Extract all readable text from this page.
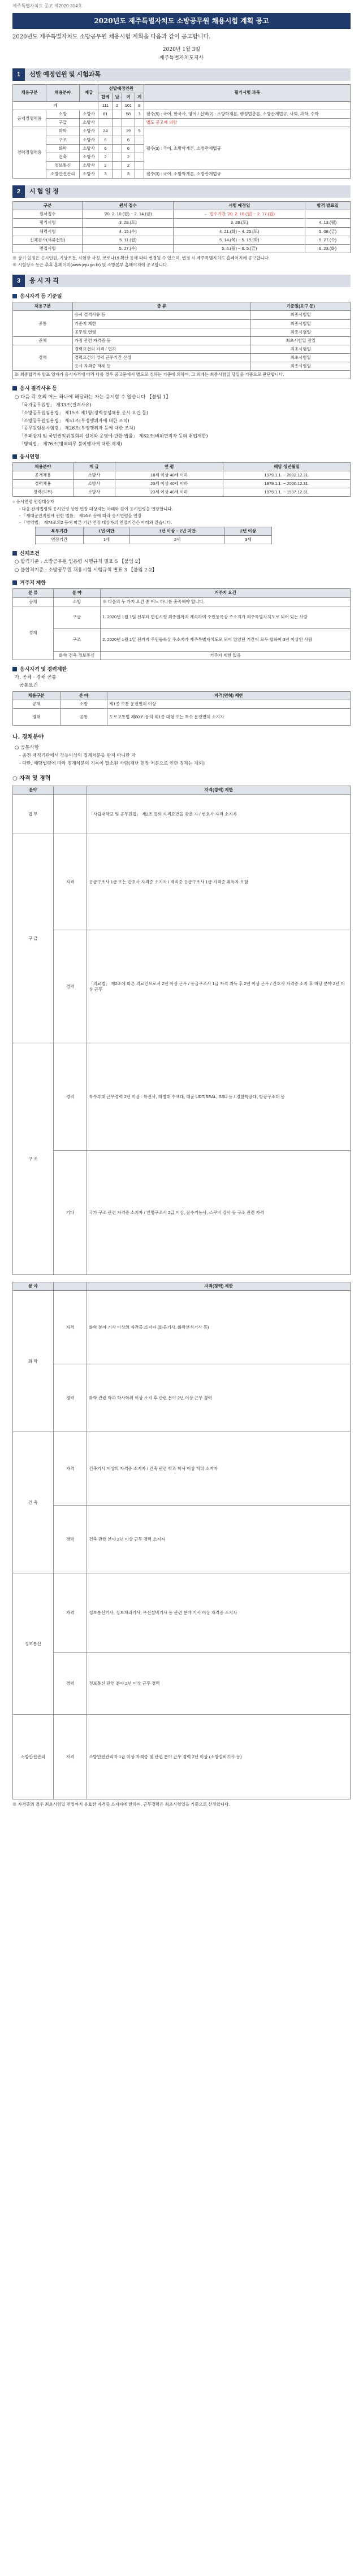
제주특별자치도 공고 제2020-314호
2020년도 제주특별자치도 소방공무원 채용시험 계획 공고
2020년도 제주특별자치도 소방공무원 채용시험 계획을 다음과 같이 공고합니다.
2020년 1월 3일
제주특별자치도지사
1	선발 예정인원 및 시험과목
채용구분	채용분야	계급	선발예정인원				필기시험 과목
			합계	남	여	계	
계			111	2	101	8	
공개경쟁채용	소방	소방사	61		58	3	필수(5) : 국어, 한국사, 영어 / 선택(2) : 소방학개론, 행정법총론, 소방관계법규, 사회, 과학, 수학
	구급	소방사					별도 공고에 의함
경력경쟁채용	화학	소방사	24		19	5	필수(3) : 국어, 소방학개론, 소방관계법규
	구조	소방사	6		6		
	화학	소방사	6		6		
	건축	소방사	2		2		
	정보통신	소방사	2		2		
	소방안전관리	소방사	3		3		필수(3) : 국어, 소방학개론, 소방관계법규
2	시 험 일 정
구분	원서 접수	시험 예정일	합격 발표일
원서접수	'20. 2. 10.(월) ~ 2. 14.(금)	← 접수기간 '20. 2. 10.(월) ~ 2. 17.(월)	
필기시험	3. 28.(토)	3. 28.(토)	4. 13.(월)
체력시험	4. 15.(수)	4. 21.(화) ~ 4. 25.(토)	5. 08.(금)
신체검사(서류전형)	5. 11.(월)	5. 14.(목) ~ 5. 19.(화)	5. 27.(수)
면접시험	5. 27.(수)	5. 6.(월) ~ 6. 5.(금)	6. 23.(화)
※ 상기 일정은 응시인원, 기상조건, 시험장 사정, 코로나19 확산 등에 따라 변경될 수 있으며, 변경 시 제주특별자치도 홈페이지에 공고합니다.
※ 시험장소 등은 추후 홈페이지(www.jeju.go.kr) 및 소방본부 홈페이지에 공고합니다.
3	응 시 자 격
응시자격 등 기준일
채용구분	종 류	기준일(요구 등)
공통	응시 결격사유 등	최종시험일
	기준지 제한	최종시험일
	공무원 연령	최종시험일
공채	가점 관련 자격증 등	최초시험일 전일
경채	경력요건의 자격 / 면허	최초시험일
	경력요건의 경력 근무기간 산정	최초시험일
	응시 자격증 학위 등	최종시험일
※ 최종합격자 발표 일자가 응시자격에 따라 다를 경우 공고문에서 별도로 정하는 기준에 의하며, 그 외에는 최종시험일 당일을 기준으로 판단합니다.		
응시 결격사유 등
○ 다음 각 호의 어느 하나에 해당하는 자는 응시할 수 없습니다 【붙임 1】
「국가공무원법」 제33조(결격사유)
「소방공무원임용령」 제15조 제1항(경력경쟁채용 응시 요건 등)
「소방공무원임용령」 제51조(부정행위자에 대한 조치)
「공무원임용시험령」 제26조(부정행위자 등에 대한 조치)
「부패방지 및 국민권익위원회의 설치와 운영에 관한 법률」 제82조(비위면직자 등의 취업제한)
「병역법」 제76조(병역의무 불이행자에 대한 제재)
응시연령
채용분야	계 급	연 령	해당 생년월일
공개채용	소방사	18세 이상 40세 이하	1979.1.1. ~ 2002.12.31.
경력채용	소방사	20세 이상 40세 이하	1979.1.1. ~ 2000.12.31.
경력(의무)	소방사	23세 이상 40세 이하	1979.1.1. ~ 1997.12.31.
○ 응시연령 연장대상자
- 다음 관계법령의 응시연령 상한 연장 대상자는 아래와 같이 응시연령을 연장합니다.
- 「제대군인지원에 관한 법률」 제16조 등에 따라 응시연령을 연장
- 「병역법」 제74조의2 등에 따른 기간 연장 대상자의 연장기간은 아래와 같습니다.
복무기간	1년 미만	1년 이상 ~ 2년 미만	2년 이상
연장기간	1세	2세	3세
신체조건
○ 합격기준 : 소방공무원 임용령 시행규칙 별표 5 【붙임 2】
○ 불합격기준 : 소방공무원 채용시험 시행규칙 별표 3 【붙임 2-2】
거주지 제한
분 류	분 야	거주지 요건
공채	소방	※ 다음의 두 가지 요건 중 어느 하나를 충족해야 합니다.
경채	구급	1. 2020년 1월 1일 전부터 면접시험 최종일까지 계속하여 주민등록상 주소지가 제주특별자치도로 되어 있는 사람
	구조	2. 2020년 1월 1일 전까지 주민등록상 주소지가 제주특별자치도로 되어 있었던 기간이 모두 합하여 3년 이상인 사람
	화학·건축·정보통신	거주지 제한 없음
응시자격 및 경력제한
가. 공채 · 경채 공통
공통요건
채용구분	분 야	자격(면허) 제한
공채	소방	제1종 보통 운전면허 이상
경채	공통	도로교통법 제80조 등의 제1종 대형 또는 특수 운전면허 소지자
나. 경채분야
○ 공통사항
- 종전 재직기관에서 강등이상의 징계처분을 받지 아니한 자
- 다만, 해당법령에 따라 징계처분의 기록이 말소된 사람(재난 현장 처분으로 인한 징계는 제외)
○ 자격 및 경력
분야		자격(경력) 제한
법 무		「사립대학교 및 공무원법」 제2조 등의 자격요건을 갖춘 자 / 변호사 자격 소지자
구 급	자격	응급구조사 1급 또는 간호사 자격증 소지자 / 재직중 응급구조사 1급 자격증 취득자 포함
	경력	「의료법」 제2조에 따른 의료인으로서 2년 이상 근무 / 응급구조사 1급 자격 취득 후 2년 이상 근무 / 간호사 자격증 소지 후 해당 분야 2년 이상 근무
구 조	경력	특수부대 근무경력 2년 이상 : 특전사, 해병대 수색대, 해군 UDT/SEAL, SSU 등 / 경찰특공대, 항공구조대 등
	기타	국가 구조 관련 자격증 소지자 / 인명구조사 2급 이상, 잠수기능사, 스쿠버 강사 등 구조 관련 자격
분 야		자격(경력) 제한
화 학	자격	화학 분야 기사 이상의 자격증 소지자 (화공기사, 화학분석기사 등)
	경력	화학 관련 학과 학사학위 이상 소지 후 관련 분야 2년 이상 근무 경력
건 축	자격	건축기사 이상의 자격증 소지자 / 건축 관련 학과 학사 이상 학위 소지자
	경력	건축 관련 분야 2년 이상 근무 경력 소지자
정보통신	자격	정보통신기사, 정보처리기사, 무선설비기사 등 관련 분야 기사 이상 자격증 소지자
	경력	정보통신 관련 분야 2년 이상 근무 경력
소방안전관리	자격	소방안전관리자 1급 이상 자격증 및 관련 분야 근무 경력 2년 이상 (소방설비기사 등)
※ 자격증의 경우 최초시험일 전일까지 유효한 자격증 소지자에 한하며, 근무경력은 최초시험일을 기준으로 산정합니다.
